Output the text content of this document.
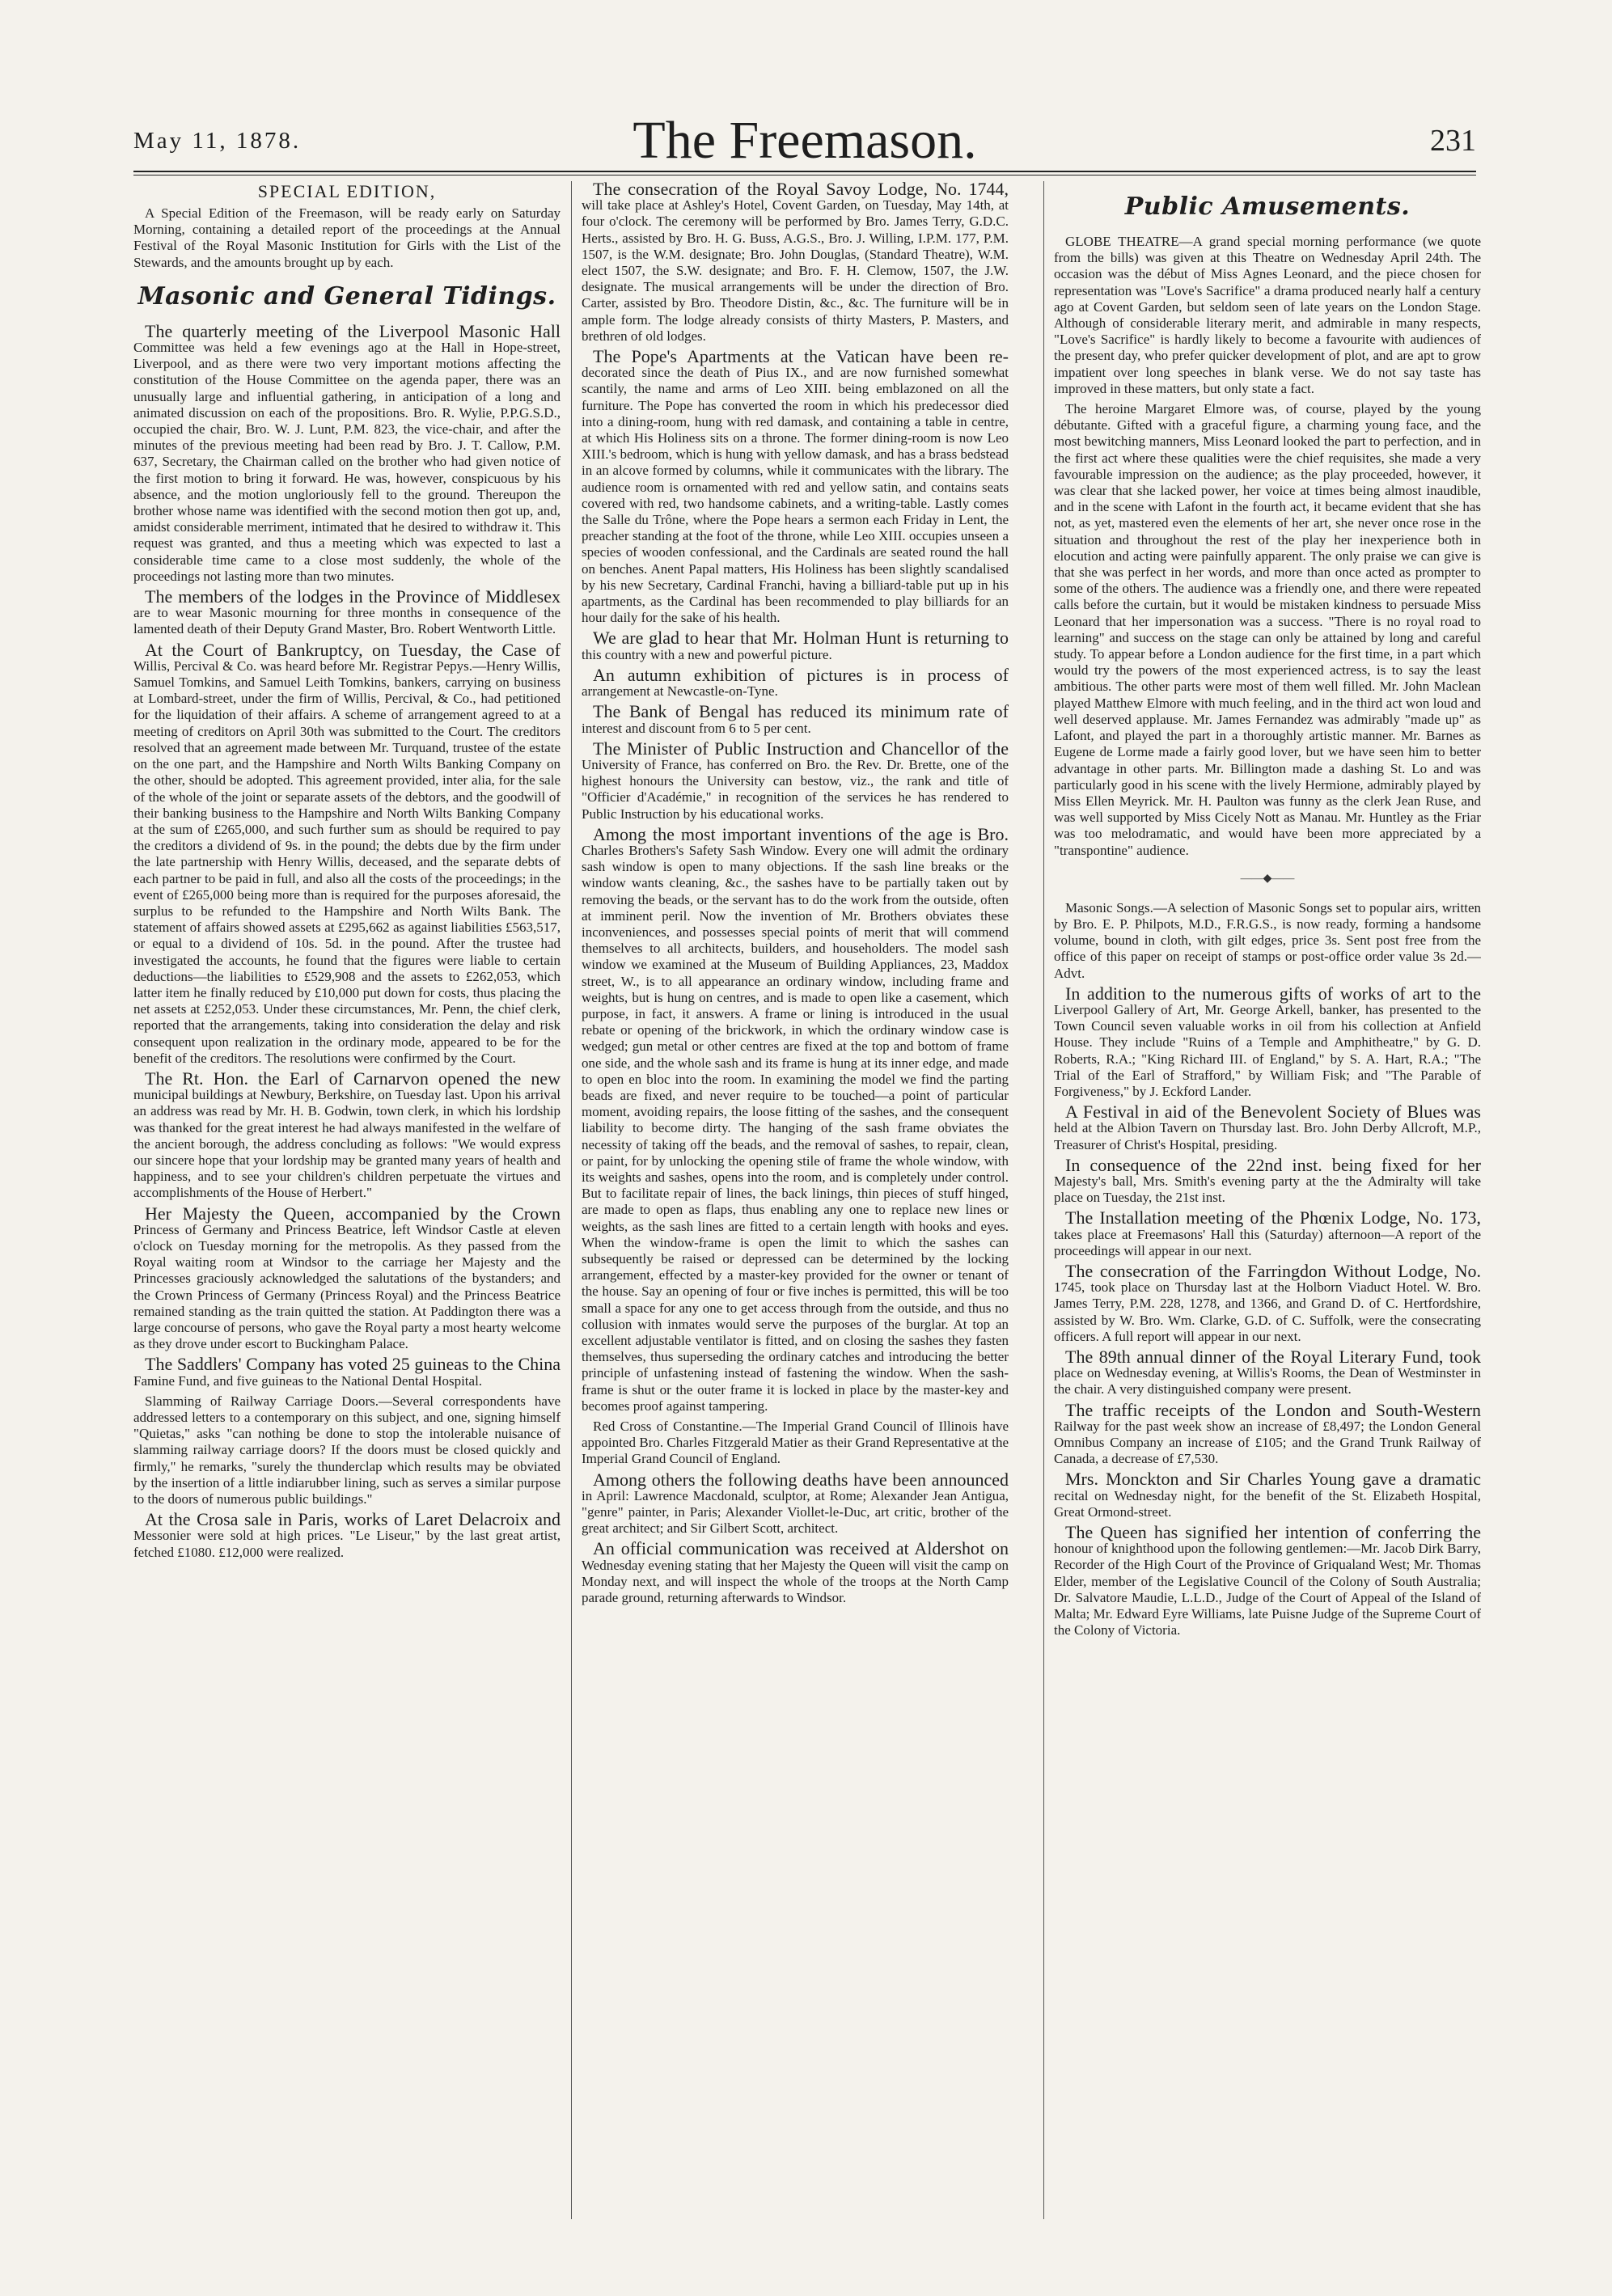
May 11, 1878.	The Freemason.	231
SPECIAL EDITION,

A Special Edition of the Freemason, will be ready early on Saturday Morning, containing a detailed report of the proceedings at the Annual Festival of the Royal Masonic Institution for Girls with the List of the Stewards, and the amounts brought up by each.

Masonic and General Tidings.

The quarterly meeting of the Liverpool Masonic Hall Committee was held a few evenings ago at the Hall in Hope-street, Liverpool, and as there were two very important motions affecting the constitution of the House Committee on the agenda paper, there was an unusually large and influential gathering, in anticipation of a long and animated discussion on each of the propositions. Bro. R. Wylie, P.P.G.S.D., occupied the chair, Bro. W. J. Lunt, P.M. 823, the vice-chair, and after the minutes of the previous meeting had been read by Bro. J. T. Callow, P.M. 637, Secretary, the Chairman called on the brother who had given notice of the first motion to bring it forward. He was, however, conspicuous by his absence, and the motion ungloriously fell to the ground. Thereupon the brother whose name was identified with the second motion then got up, and, amidst considerable merriment, intimated that he desired to withdraw it. This request was granted, and thus a meeting which was expected to last a considerable time came to a close most suddenly, the whole of the proceedings not lasting more than two minutes.

The members of the lodges in the Province of Middlesex are to wear Masonic mourning for three months in consequence of the lamented death of their Deputy Grand Master, Bro. Robert Wentworth Little.

At the Court of Bankruptcy, on Tuesday, the Case of Willis, Percival & Co. was heard before Mr. Registrar Pepys.—Henry Willis, Samuel Tomkins, and Samuel Leith Tomkins, bankers, carrying on business at Lombard-street, under the firm of Willis, Percival, & Co., had petitioned for the liquidation of their affairs. A scheme of arrangement agreed to at a meeting of creditors on April 30th was submitted to the Court. The creditors resolved that an agreement made between Mr. Turquand, trustee of the estate on the one part, and the Hampshire and North Wilts Banking Company on the other, should be adopted. This agreement provided, inter alia, for the sale of the whole of the joint or separate assets of the debtors, and the goodwill of their banking business to the Hampshire and North Wilts Banking Company at the sum of £265,000, and such further sum as should be required to pay the creditors a dividend of 9s. in the pound; the debts due by the firm under the late partnership with Henry Willis, deceased, and the separate debts of each partner to be paid in full, and also all the costs of the proceedings; in the event of £265,000 being more than is required for the purposes aforesaid, the surplus to be refunded to the Hampshire and North Wilts Bank. The statement of affairs showed assets at £295,662 as against liabilities £563,517, or equal to a dividend of 10s. 5d. in the pound. After the trustee had investigated the accounts, he found that the figures were liable to certain deductions—the liabilities to £529,908 and the assets to £262,053, which latter item he finally reduced by £10,000 put down for costs, thus placing the net assets at £252,053. Under these circumstances, Mr. Penn, the chief clerk, reported that the arrangements, taking into consideration the delay and risk consequent upon realization in the ordinary mode, appeared to be for the benefit of the creditors. The resolutions were confirmed by the Court.

The Rt. Hon. the Earl of Carnarvon opened the new municipal buildings at Newbury, Berkshire, on Tuesday last. Upon his arrival an address was read by Mr. H. B. Godwin, town clerk, in which his lordship was thanked for the great interest he had always manifested in the welfare of the ancient borough, the address concluding as follows: "We would express our sincere hope that your lordship may be granted many years of health and happiness, and to see your children's children perpetuate the virtues and accomplishments of the House of Herbert."

Her Majesty the Queen, accompanied by the Crown Princess of Germany and Princess Beatrice, left Windsor Castle at eleven o'clock on Tuesday morning for the metropolis. As they passed from the Royal waiting room at Windsor to the carriage her Majesty and the Princesses graciously acknowledged the salutations of the bystanders; and the Crown Princess of Germany (Princess Royal) and the Princess Beatrice remained standing as the train quitted the station. At Paddington there was a large concourse of persons, who gave the Royal party a most hearty welcome as they drove under escort to Buckingham Palace.

The Saddlers' Company has voted 25 guineas to the China Famine Fund, and five guineas to the National Dental Hospital.

Slamming of Railway Carriage Doors.—Several correspondents have addressed letters to a contemporary on this subject, and one, signing himself "Quietas," asks "can nothing be done to stop the intolerable nuisance of slamming railway carriage doors? If the doors must be closed quickly and firmly," he remarks, "surely the thunderclap which results may be obviated by the insertion of a little indiarubber lining, such as serves a similar purpose to the doors of numerous public buildings."

At the Crosa sale in Paris, works of Laret Delacroix and Messonier were sold at high prices. "Le Liseur," by the last great artist, fetched £1080. £12,000 were realized.

The consecration of the Royal Savoy Lodge, No. 1744, will take place at Ashley's Hotel, Covent Garden, on Tuesday, May 14th, at four o'clock. The ceremony will be performed by Bro. James Terry, G.D.C. Herts., assisted by Bro. H. G. Buss, A.G.S., Bro. J. Willing, I.P.M. 177, P.M. 1507, is the W.M. designate; Bro. John Douglas, (Standard Theatre), W.M. elect 1507, the S.W. designate; and Bro. F. H. Clemow, 1507, the J.W. designate. The musical arrangements will be under the direction of Bro. Carter, assisted by Bro. Theodore Distin, &c., &c. The furniture will be in ample form. The lodge already consists of thirty Masters, P. Masters, and brethren of old lodges.

The Pope's Apartments at the Vatican have been re-decorated since the death of Pius IX., and are now furnished somewhat scantily, the name and arms of Leo XIII. being emblazoned on all the furniture. The Pope has converted the room in which his predecessor died into a dining-room, hung with red damask, and containing a table in centre, at which His Holiness sits on a throne. The former dining-room is now Leo XIII.'s bedroom, which is hung with yellow damask, and has a brass bedstead in an alcove formed by columns, while it communicates with the library. The audience room is ornamented with red and yellow satin, and contains seats covered with red, two handsome cabinets, and a writing-table. Lastly comes the Salle du Trône, where the Pope hears a sermon each Friday in Lent, the preacher standing at the foot of the throne, while Leo XIII. occupies unseen a species of wooden confessional, and the Cardinals are seated round the hall on benches. Anent Papal matters, His Holiness has been slightly scandalised by his new Secretary, Cardinal Franchi, having a billiard-table put up in his apartments, as the Cardinal has been recommended to play billiards for an hour daily for the sake of his health.

We are glad to hear that Mr. Holman Hunt is returning to this country with a new and powerful picture.

An autumn exhibition of pictures is in process of arrangement at Newcastle-on-Tyne.

The Bank of Bengal has reduced its minimum rate of interest and discount from 6 to 5 per cent.

The Minister of Public Instruction and Chancellor of the University of France, has conferred on Bro. the Rev. Dr. Brette, one of the highest honours the University can bestow, viz., the rank and title of "Officier d'Académie," in recognition of the services he has rendered to Public Instruction by his educational works.

Among the most important inventions of the age is Bro. Charles Brothers's Safety Sash Window. Every one will admit the ordinary sash window is open to many objections. If the sash line breaks or the window wants cleaning, &c., the sashes have to be partially taken out by removing the beads, or the servant has to do the work from the outside, often at imminent peril. Now the invention of Mr. Brothers obviates these inconveniences, and possesses special points of merit that will commend themselves to all architects, builders, and householders. The model sash window we examined at the Museum of Building Appliances, 23, Maddox street, W., is to all appearance an ordinary window, including frame and weights, but is hung on centres, and is made to open like a casement, which purpose, in fact, it answers. A frame or lining is introduced in the usual rebate or opening of the brickwork, in which the ordinary window case is wedged; gun metal or other centres are fixed at the top and bottom of frame one side, and the whole sash and its frame is hung at its inner edge, and made to open en bloc into the room. In examining the model we find the parting beads are fixed, and never require to be touched—a point of particular moment, avoiding repairs, the loose fitting of the sashes, and the consequent liability to become dirty. The hanging of the sash frame obviates the necessity of taking off the beads, and the removal of sashes, to repair, clean, or paint, for by unlocking the opening stile of frame the whole window, with its weights and sashes, opens into the room, and is completely under control. But to facilitate repair of lines, the back linings, thin pieces of stuff hinged, are made to open as flaps, thus enabling any one to replace new lines or weights, as the sash lines are fitted to a certain length with hooks and eyes. When the window-frame is open the limit to which the sashes can subsequently be raised or depressed can be determined by the locking arrangement, effected by a master-key provided for the owner or tenant of the house. Say an opening of four or five inches is permitted, this will be too small a space for any one to get access through from the outside, and thus no collusion with inmates would serve the purposes of the burglar. At top an excellent adjustable ventilator is fitted, and on closing the sashes they fasten themselves, thus superseding the ordinary catches and introducing the better principle of unfastening instead of fastening the window. When the sash-frame is shut or the outer frame it is locked in place by the master-key and becomes proof against tampering.

Red Cross of Constantine.—The Imperial Grand Council of Illinois have appointed Bro. Charles Fitzgerald Matier as their Grand Representative at the Imperial Grand Council of England.

Among others the following deaths have been announced in April: Lawrence Macdonald, sculptor, at Rome; Alexander Jean Antigua, "genre" painter, in Paris; Alexander Viollet-le-Duc, art critic, brother of the great architect; and Sir Gilbert Scott, architect.

An official communication was received at Aldershot on Wednesday evening stating that her Majesty the Queen will visit the camp on Monday next, and will inspect the whole of the troops at the North Camp parade ground, returning afterwards to Windsor.

Public Amusements.

GLOBE THEATRE—A grand special morning performance (we quote from the bills) was given at this Theatre on Wednesday April 24th. The occasion was the début of Miss Agnes Leonard, and the piece chosen for representation was "Love's Sacrifice" a drama produced nearly half a century ago at Covent Garden, but seldom seen of late years on the London Stage. Although of considerable literary merit, and admirable in many respects, "Love's Sacrifice" is hardly likely to become a favourite with audiences of the present day, who prefer quicker development of plot, and are apt to grow impatient over long speeches in blank verse. We do not say taste has improved in these matters, but only state a fact.

The heroine Margaret Elmore was, of course, played by the young débutante. Gifted with a graceful figure, a charming young face, and the most bewitching manners, Miss Leonard looked the part to perfection, and in the first act where these qualities were the chief requisites, she made a very favourable impression on the audience; as the play proceeded, however, it was clear that she lacked power, her voice at times being almost inaudible, and in the scene with Lafont in the fourth act, it became evident that she has not, as yet, mastered even the elements of her art, she never once rose in the situation and throughout the rest of the play her inexperience both in elocution and acting were painfully apparent. The only praise we can give is that she was perfect in her words, and more than once acted as prompter to some of the others. The audience was a friendly one, and there were repeated calls before the curtain, but it would be mistaken kindness to persuade Miss Leonard that her impersonation was a success. "There is no royal road to learning" and success on the stage can only be attained by long and careful study. To appear before a London audience for the first time, in a part which would try the powers of the most experienced actress, is to say the least ambitious. The other parts were most of them well filled. Mr. John Maclean played Matthew Elmore with much feeling, and in the third act won loud and well deserved applause. Mr. James Fernandez was admirably "made up" as Lafont, and played the part in a thoroughly artistic manner. Mr. Barnes as Eugene de Lorme made a fairly good lover, but we have seen him to better advantage in other parts. Mr. Billington made a dashing St. Lo and was particularly good in his scene with the lively Hermione, admirably played by Miss Ellen Meyrick. Mr. H. Paulton was funny as the clerk Jean Ruse, and was well supported by Miss Cicely Nott as Manau. Mr. Huntley as the Friar was too melodramatic, and would have been more appreciated by a "transpontine" audience.

——◆——

Masonic Songs.—A selection of Masonic Songs set to popular airs, written by Bro. E. P. Philpots, M.D., F.R.G.S., is now ready, forming a handsome volume, bound in cloth, with gilt edges, price 3s. Sent post free from the office of this paper on receipt of stamps or post-office order value 3s 2d.—Advt.

In addition to the numerous gifts of works of art to the Liverpool Gallery of Art, Mr. George Arkell, banker, has presented to the Town Council seven valuable works in oil from his collection at Anfield House. They include "Ruins of a Temple and Amphitheatre," by G. D. Roberts, R.A.; "King Richard III. of England," by S. A. Hart, R.A.; "The Trial of the Earl of Strafford," by William Fisk; and "The Parable of Forgiveness," by J. Eckford Lander.

A Festival in aid of the Benevolent Society of Blues was held at the Albion Tavern on Thursday last. Bro. John Derby Allcroft, M.P., Treasurer of Christ's Hospital, presiding.

In consequence of the 22nd inst. being fixed for her Majesty's ball, Mrs. Smith's evening party at the the Admiralty will take place on Tuesday, the 21st inst.

The Installation meeting of the Phœnix Lodge, No. 173, takes place at Freemasons' Hall this (Saturday) afternoon—A report of the proceedings will appear in our next.

The consecration of the Farringdon Without Lodge, No. 1745, took place on Thursday last at the Holborn Viaduct Hotel. W. Bro. James Terry, P.M. 228, 1278, and 1366, and Grand D. of C. Hertfordshire, assisted by W. Bro. Wm. Clarke, G.D. of C. Suffolk, were the consecrating officers. A full report will appear in our next.

The 89th annual dinner of the Royal Literary Fund, took place on Wednesday evening, at Willis's Rooms, the Dean of Westminster in the chair. A very distinguished company were present.

The traffic receipts of the London and South-Western Railway for the past week show an increase of £8,497; the London General Omnibus Company an increase of £105; and the Grand Trunk Railway of Canada, a decrease of £7,530.

Mrs. Monckton and Sir Charles Young gave a dramatic recital on Wednesday night, for the benefit of the St. Elizabeth Hospital, Great Ormond-street.

The Queen has signified her intention of conferring the honour of knighthood upon the following gentlemen:—Mr. Jacob Dirk Barry, Recorder of the High Court of the Province of Griqualand West; Mr. Thomas Elder, member of the Legislative Council of the Colony of South Australia; Dr. Salvatore Maudie, L.L.D., Judge of the Court of Appeal of the Island of Malta; Mr. Edward Eyre Williams, late Puisne Judge of the Supreme Court of the Colony of Victoria.
